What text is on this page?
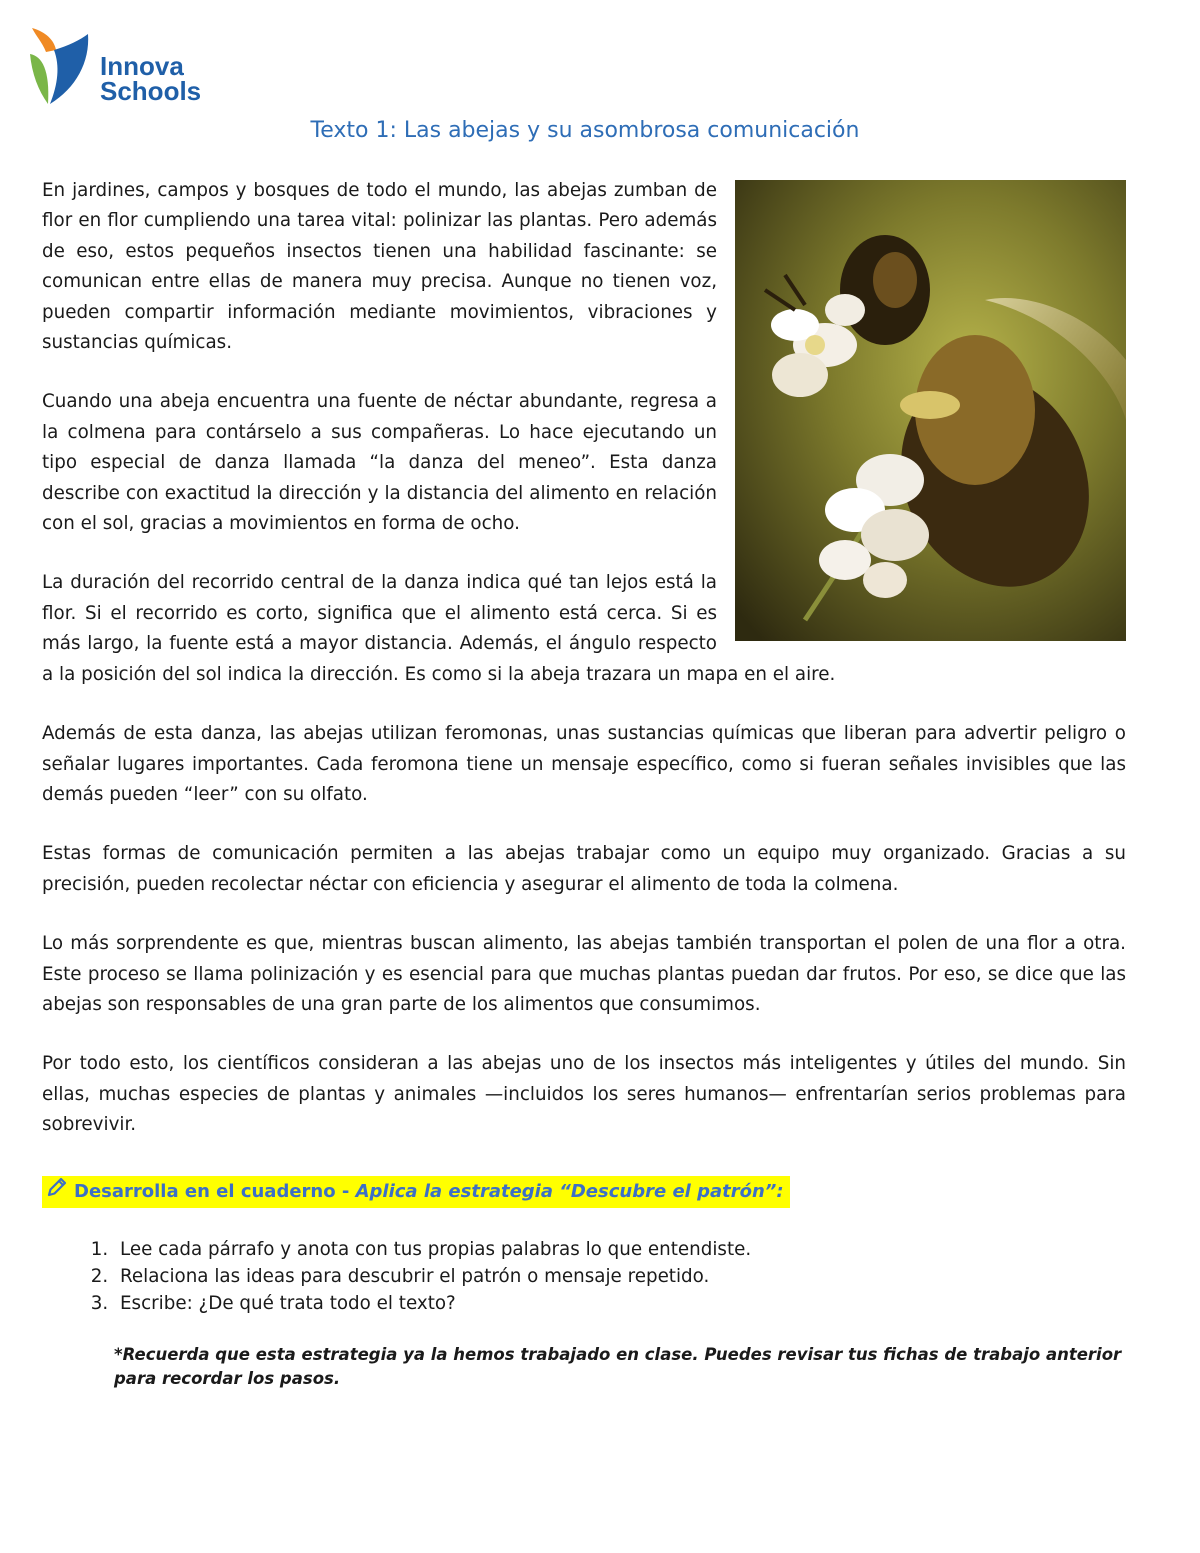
Innova
Schools
Texto 1: Las abejas y su asombrosa comunicación

En jardines, campos y bosques de todo el mundo, las abejas zumban de flor en flor cumpliendo una tarea vital: polinizar las plantas. Pero además de eso, estos pequeños insectos tienen una habilidad fascinante: se comunican entre ellas de manera muy precisa. Aunque no tienen voz, pueden compartir información mediante movimientos, vibraciones y sustancias químicas.

Cuando una abeja encuentra una fuente de néctar abundante, regresa a la colmena para contárselo a sus compañeras. Lo hace ejecutando un tipo especial de danza llamada “la danza del meneo”. Esta danza describe con exactitud la dirección y la distancia del alimento en relación con el sol, gracias a movimientos en forma de ocho.

La duración del recorrido central de la danza indica qué tan lejos está la flor. Si el recorrido es corto, significa que el alimento está cerca. Si es más largo, la fuente está a mayor distancia. Además, el ángulo respecto a la posición del sol indica la dirección. Es como si la abeja trazara un mapa en el aire.

Además de esta danza, las abejas utilizan feromonas, unas sustancias químicas que liberan para advertir peligro o señalar lugares importantes. Cada feromona tiene un mensaje específico, como si fueran señales invisibles que las demás pueden “leer” con su olfato.

Estas formas de comunicación permiten a las abejas trabajar como un equipo muy organizado. Gracias a su precisión, pueden recolectar néctar con eficiencia y asegurar el alimento de toda la colmena.

Lo más sorprendente es que, mientras buscan alimento, las abejas también transportan el polen de una flor a otra. Este proceso se llama polinización y es esencial para que muchas plantas puedan dar frutos. Por eso, se dice que las abejas son responsables de una gran parte de los alimentos que consumimos.

Por todo esto, los científicos consideran a las abejas uno de los insectos más inteligentes y útiles del mundo. Sin ellas, muchas especies de plantas y animales —incluidos los seres humanos— enfrentarían serios problemas para sobrevivir.

Desarrolla en el cuaderno - Aplica la estrategia “Descubre el patrón”:
1. Lee cada párrafo y anota con tus propias palabras lo que entendiste.
2. Relaciona las ideas para descubrir el patrón o mensaje repetido.
3. Escribe: ¿De qué trata todo el texto?
*Recuerda que esta estrategia ya la hemos trabajado en clase. Puedes revisar tus fichas de trabajo anterior para recordar los pasos.
